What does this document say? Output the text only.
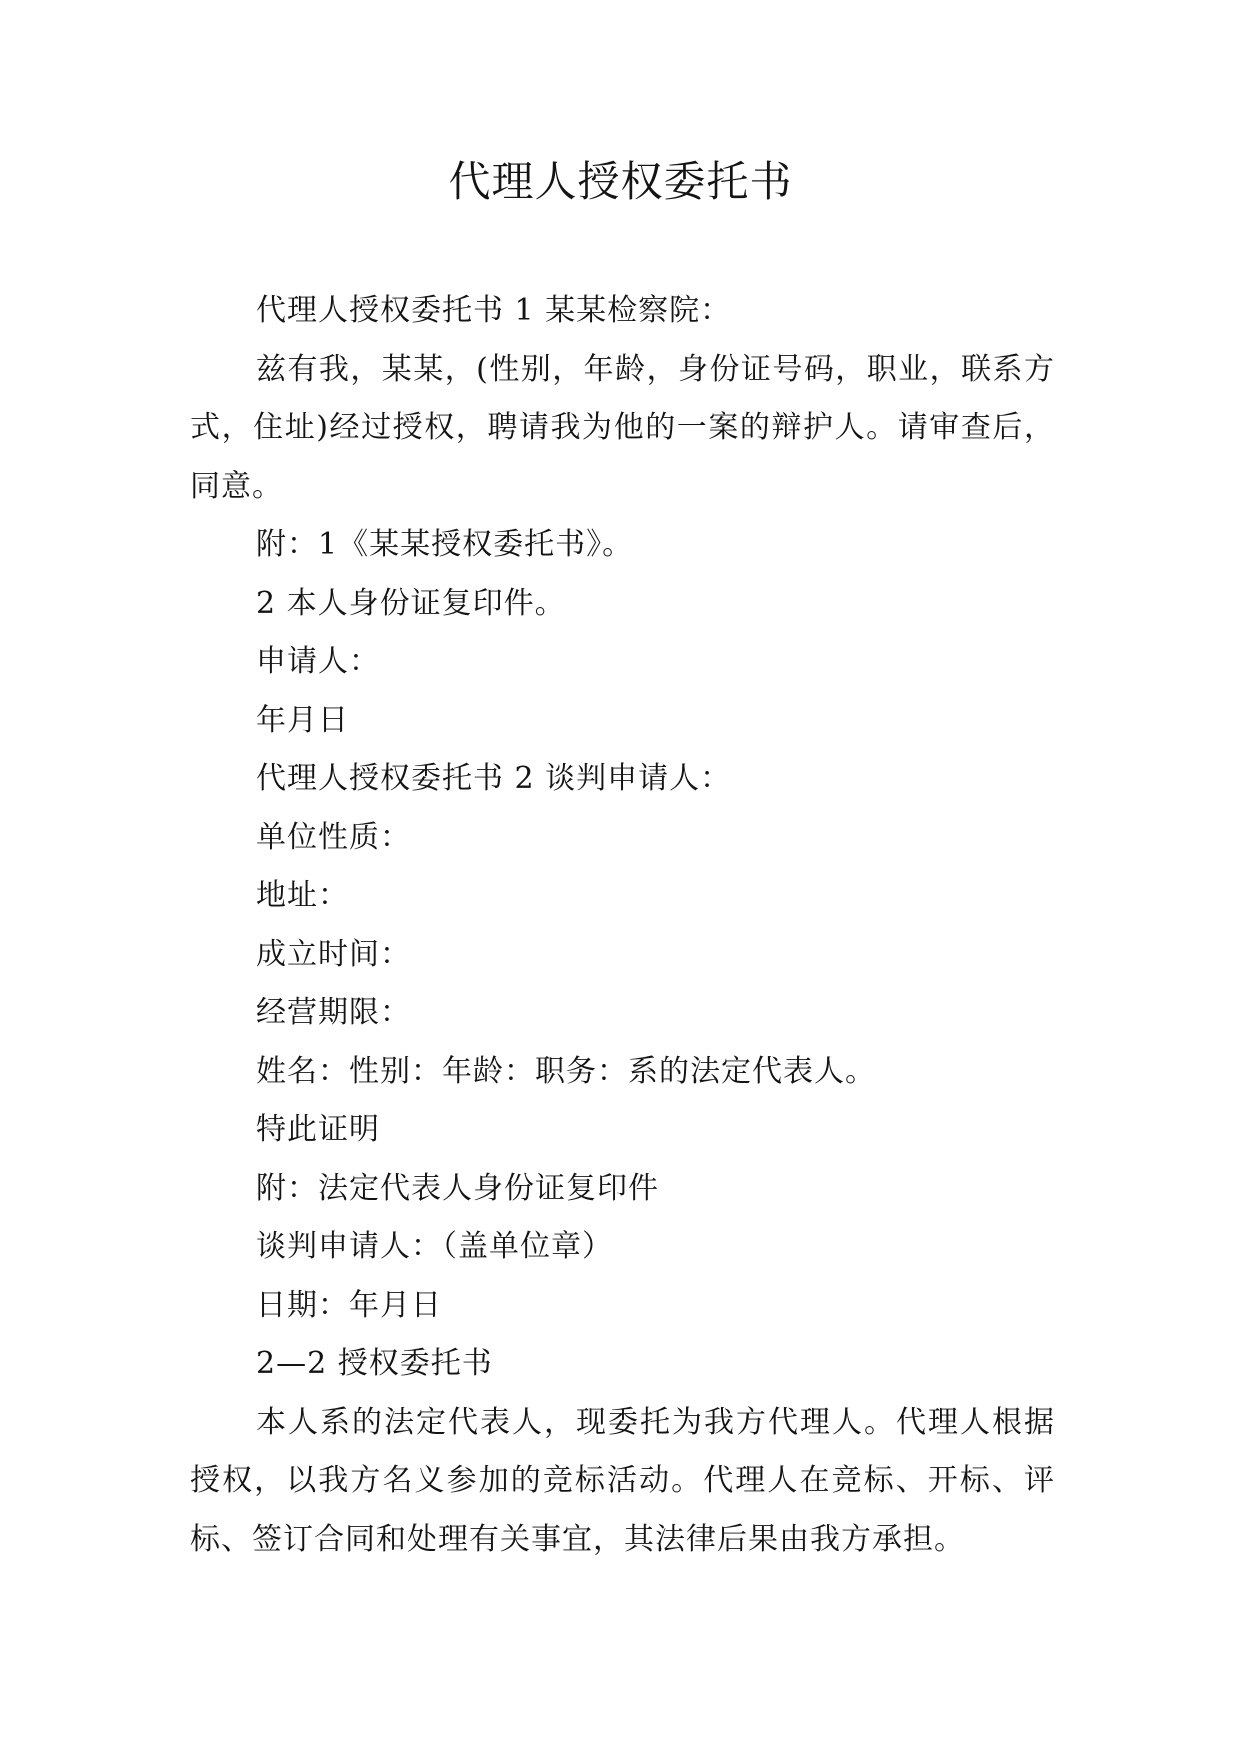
代理人授权委托书

代理人授权委托书 1 某某检察院：

兹有我，某某，(性别，年龄，身份证号码，职业，联系方式，住址)经过授权，聘请我为他的一案的辩护人。请审查后，同意。

附：1《某某授权委托书》。

2 本人身份证复印件。

申请人：

年月日

代理人授权委托书 2 谈判申请人：

单位性质：

地址：

成立时间：

经营期限：

姓名：性别：年龄：职务：系的法定代表人。

特此证明

附：法定代表人身份证复印件

谈判申请人：（盖单位章）

日期：年月日

2—2 授权委托书

本人系的法定代表人，现委托为我方代理人。代理人根据授权，以我方名义参加的竞标活动。代理人在竞标、开标、评标、签订合同和处理有关事宜，其法律后果由我方承担。
